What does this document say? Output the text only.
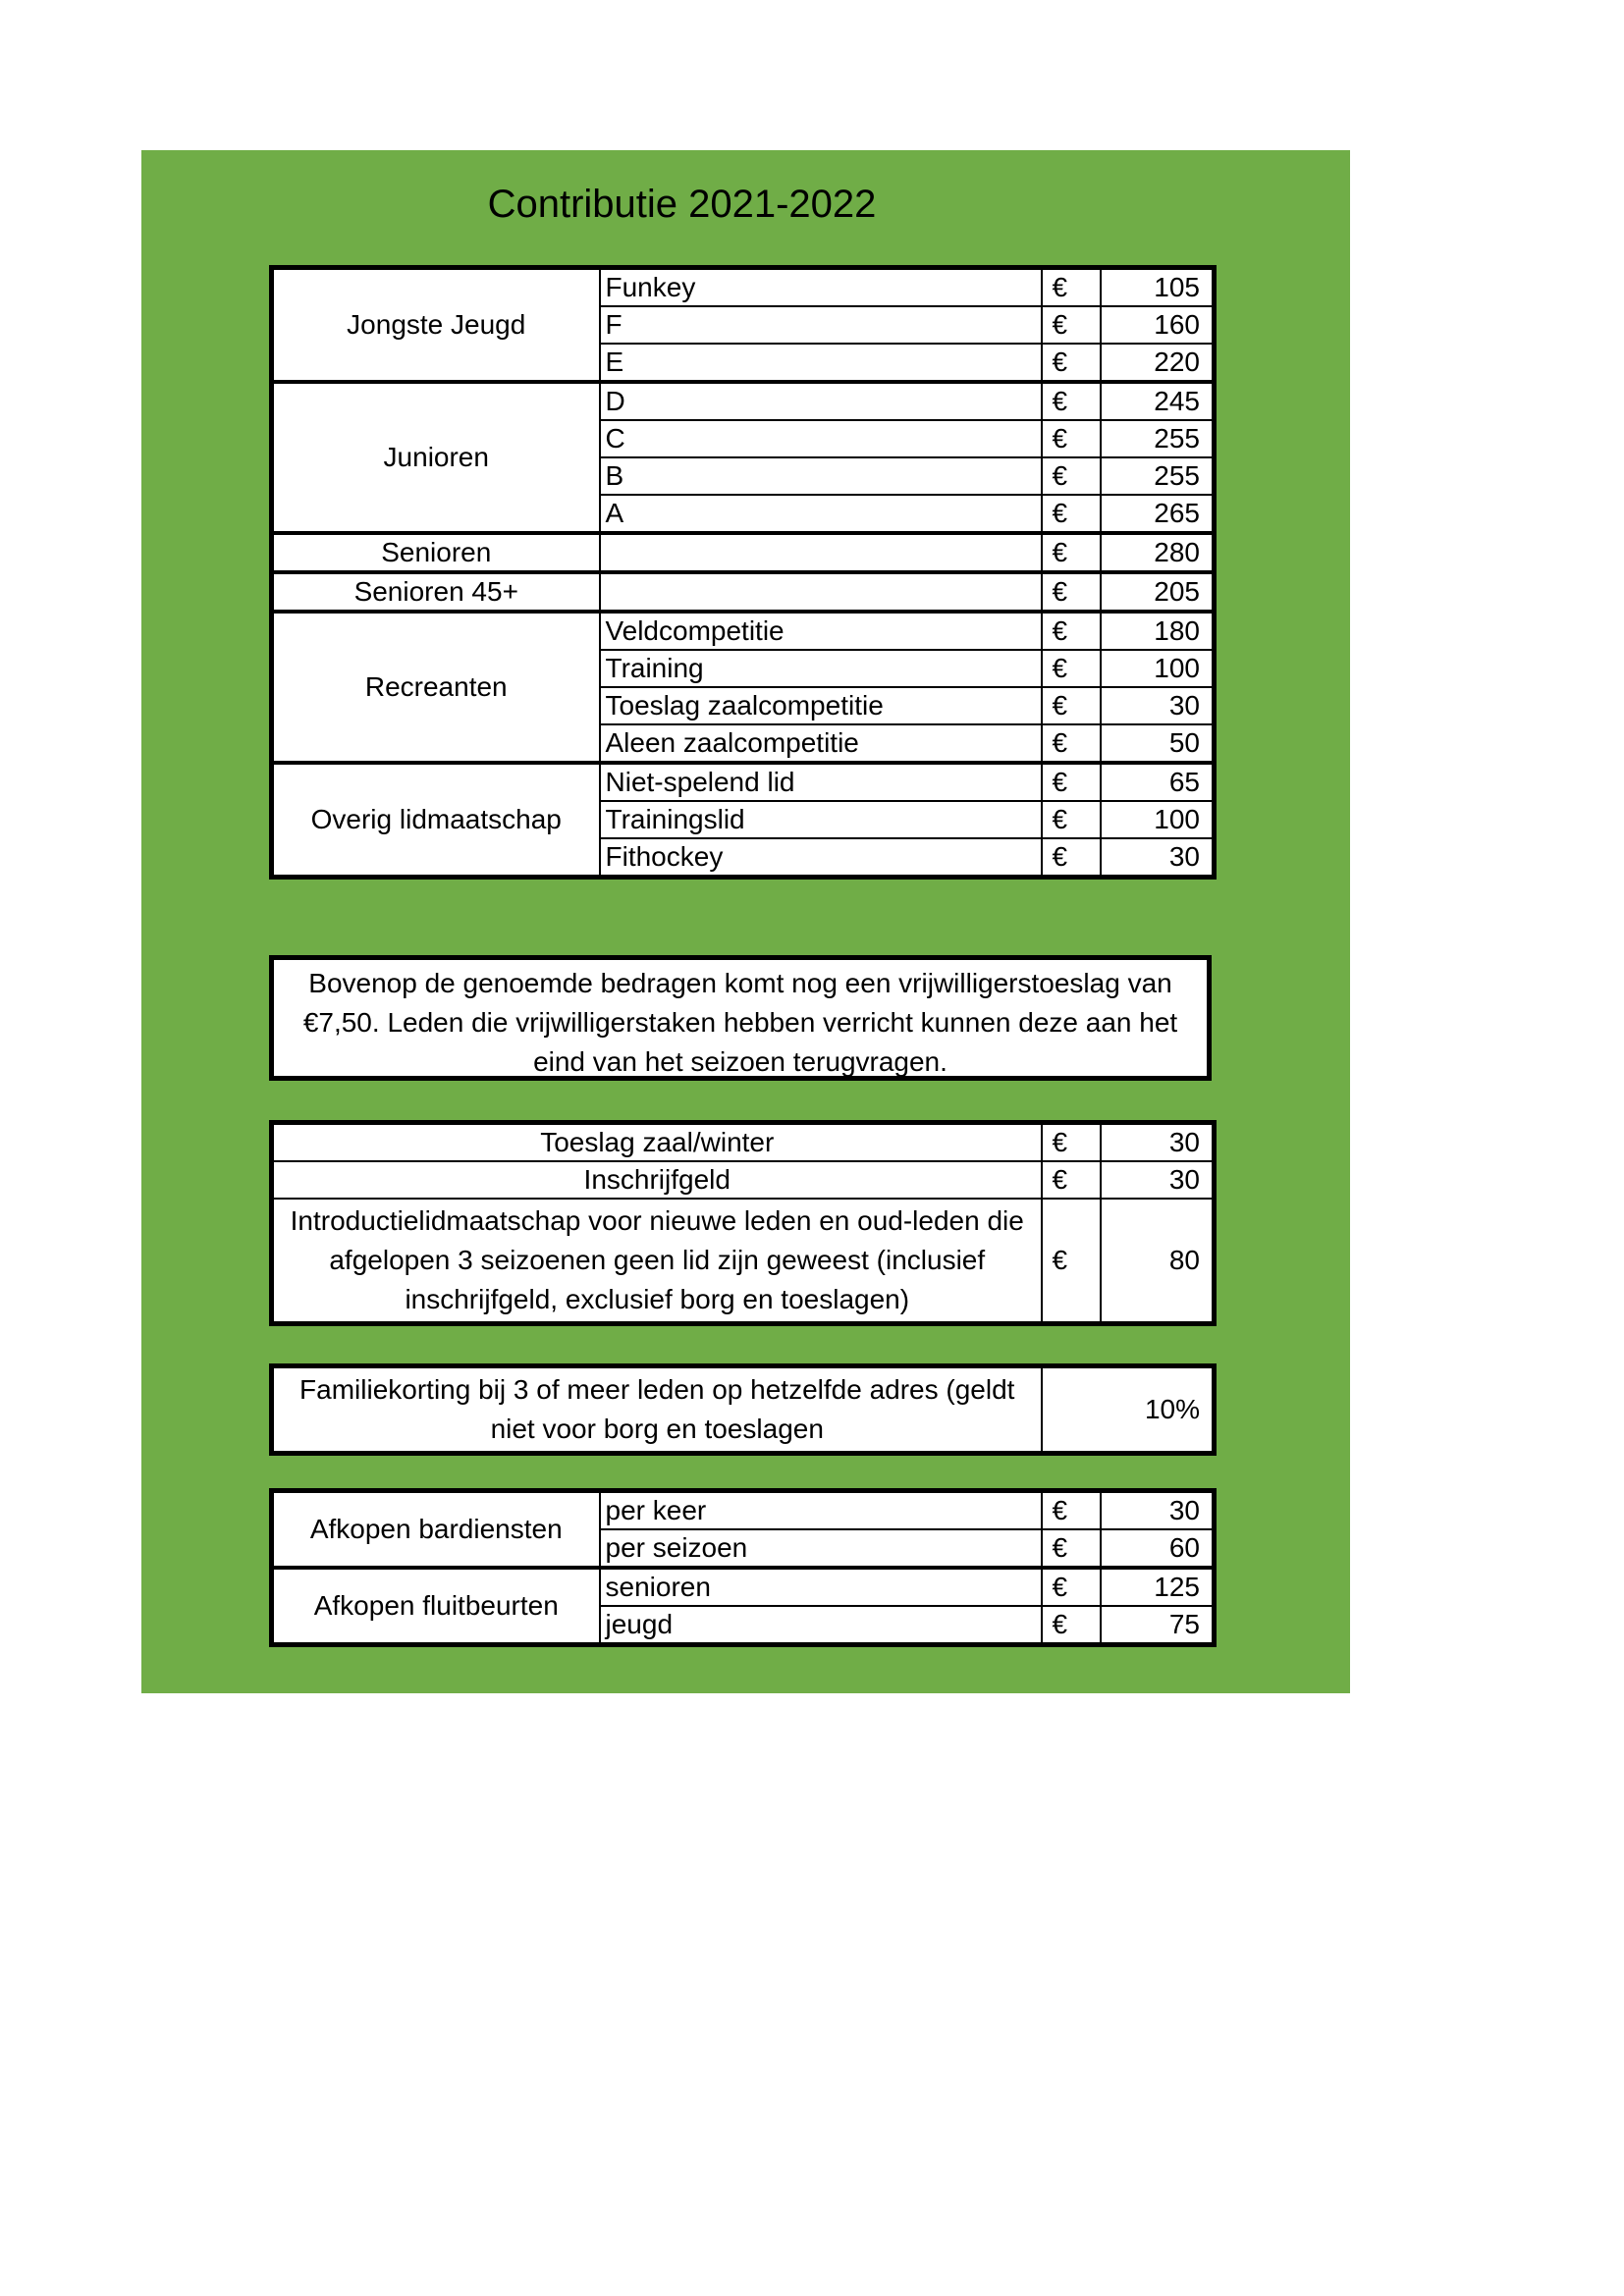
Contributie 2021-2022
Jongste Jeugd	Funkey	€	105
	F	€	160
	E	€	220
Junioren	D	€	245
	C	€	255
	B	€	255
	A	€	265
Senioren		€	280
Senioren 45+		€	205
Recreanten	Veldcompetitie	€	180
	Training	€	100
	Toeslag zaalcompetitie	€	30
	Aleen zaalcompetitie	€	50
Overig lidmaatschap	Niet-spelend lid	€	65
	Trainingslid	€	100
	Fithockey	€	30
Bovenop de genoemde bedragen komt nog een vrijwilligerstoeslag van €7,50. Leden die vrijwilligerstaken hebben verricht kunnen deze aan het eind van het seizoen terugvragen.
Toeslag zaal/winter	€	30
Inschrijfgeld	€	30
Introductielidmaatschap voor nieuwe leden en oud-leden die afgelopen 3 seizoenen geen lid zijn geweest (inclusief inschrijfgeld, exclusief borg en toeslagen)	€	80
Familiekorting bij 3 of meer leden op hetzelfde adres (geldt niet voor borg en toeslagen	10%
Afkopen bardiensten	per keer	€	30
	per seizoen	€	60
Afkopen fluitbeurten	senioren	€	125
	jeugd	€	75
